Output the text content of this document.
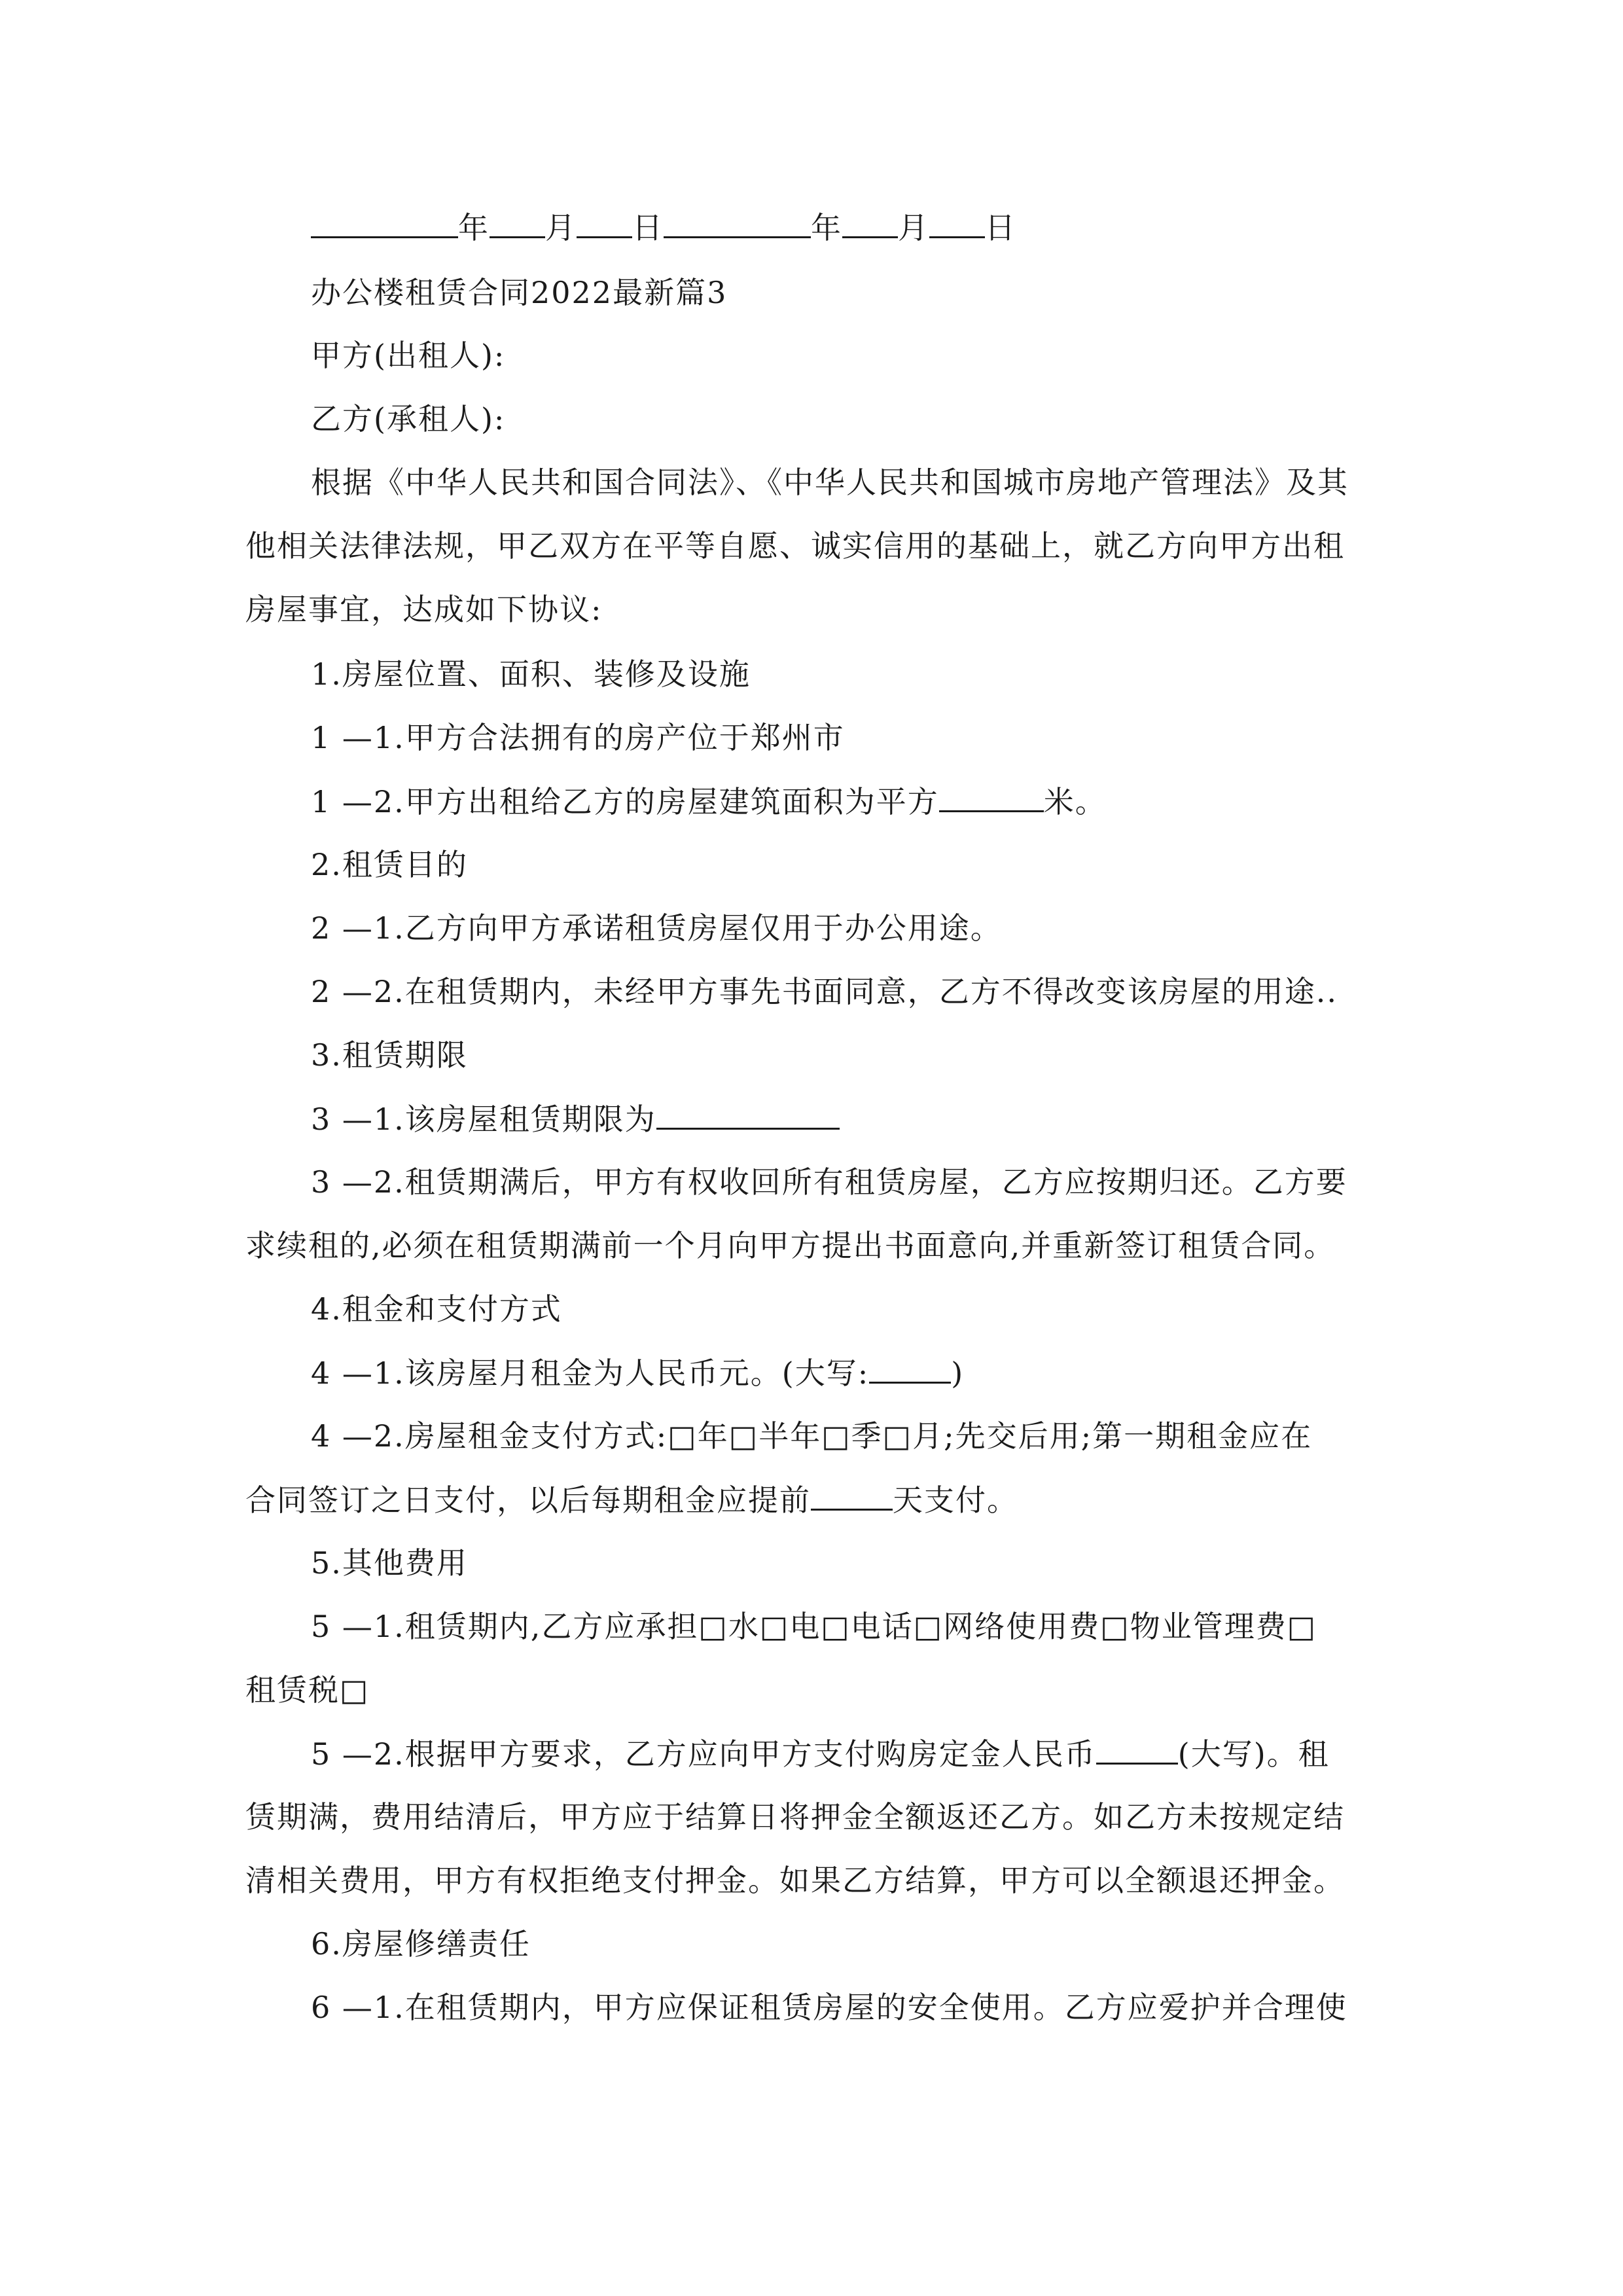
年 月 日	年 月 日
办公楼租赁合同2022最新篇3
甲方(出租人):
乙方(承租人):
根据《中华人民共和国合同法》、《中华人民共和国城市房地产管理法》及其
他相关法律法规，甲乙双方在平等自愿、诚实信用的基础上，就乙方向甲方出租
房屋事宜，达成如下协议:
1.房屋位置、面积、装修及设施
1 —1.甲方合法拥有的房产位于郑州市
1 —2.甲方出租给乙方的房屋建筑面积为平方	米。
2.租赁目的
2 —1.乙方向甲方承诺租赁房屋仅用于办公用途。
2 —2.在租赁期内，未经甲方事先书面同意，乙方不得改变该房屋的用途..
3.租赁期限
3 —1.该房屋租赁期限为
3 —2.租赁期满后，甲方有权收回所有租赁房屋，乙方应按期归还。乙方要
求续租的,必须在租赁期满前一个月向甲方提出书面意向,并重新签订租赁合同。
4.租金和支付方式
4 —1.该房屋月租金为人民币元。(大写:	)
4 —2.房屋租金支付方式:□年□半年□季□月;先交后用;第一期租金应在
合同签订之日支付，以后每期租金应提前	天支付。
5.其他费用
5 —1.租赁期内,乙方应承担□水□电□电话□网络使用费□物业管理费□
租赁税□
5 —2.根据甲方要求，乙方应向甲方支付购房定金人民币	(大写)。租
赁期满，费用结清后，甲方应于结算日将押金全额返还乙方。如乙方未按规定结
清相关费用，甲方有权拒绝支付押金。如果乙方结算，甲方可以全额退还押金。
6.房屋修缮责任
6 —1.在租赁期内，甲方应保证租赁房屋的安全使用。乙方应爱护并合理使
